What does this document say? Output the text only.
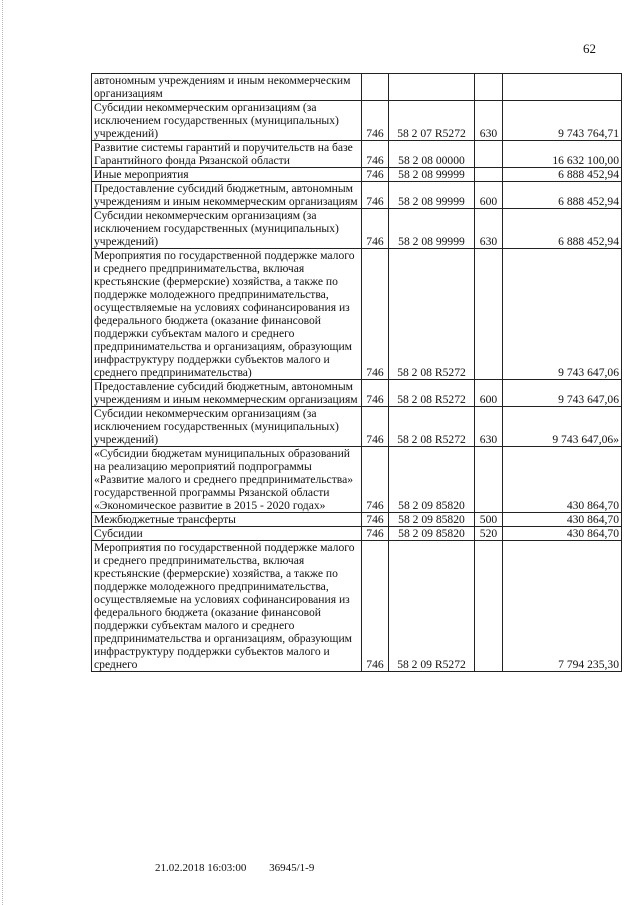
62
автономным учреждениям и иным некоммерческим организациям				
Субсидии некоммерческим организациям (за исключением государственных (муниципальных) учреждений)	746	58 2 07 R5272	630	9 743 764,71
Развитие системы гарантий и поручительств на базе Гарантийного фонда Рязанской области	746	58 2 08 00000		16 632 100,00
Иные мероприятия	746	58 2 08 99999		6 888 452,94
Предоставление субсидий бюджетным, автономным учреждениям и иным некоммерческим организациям	746	58 2 08 99999	600	6 888 452,94
Субсидии некоммерческим организациям (за исключением государственных (муниципальных) учреждений)	746	58 2 08 99999	630	6 888 452,94
Мероприятия по государственной поддержке малого и среднего предпринимательства, включая крестьянские (фермерские) хозяйства, а также по поддержке молодежного предпринимательства, осуществляемые на условиях софинансирования из федерального бюджета (оказание финансовой поддержки субъектам малого и среднего предпринимательства и организациям, образующим инфраструктуру поддержки субъектов малого и среднего предпринимательства)	746	58 2 08 R5272		9 743 647,06
Предоставление субсидий бюджетным, автономным учреждениям и иным некоммерческим организациям	746	58 2 08 R5272	600	9 743 647,06
Субсидии некоммерческим организациям (за исключением государственных (муниципальных) учреждений)	746	58 2 08 R5272	630	9 743 647,06»
«Субсидии бюджетам муниципальных образований на реализацию мероприятий подпрограммы «Развитие малого и среднего предпринимательства» государственной программы Рязанской области «Экономическое развитие в 2015 - 2020 годах»	746	58 2 09 85820		430 864,70
Межбюджетные трансферты	746	58 2 09 85820	500	430 864,70
Субсидии	746	58 2 09 85820	520	430 864,70
Мероприятия по государственной поддержке малого и среднего предпринимательства, включая крестьянские (фермерские) хозяйства, а также по поддержке молодежного предпринимательства, осуществляемые на условиях софинансирования из федерального бюджета (оказание финансовой поддержки субъектам малого и среднего предпринимательства и организациям, образующим инфраструктуру поддержки субъектов малого и среднего	746	58 2 09 R5272		7 794 235,30
21.02.2018 16:03:00 36945/1-9
